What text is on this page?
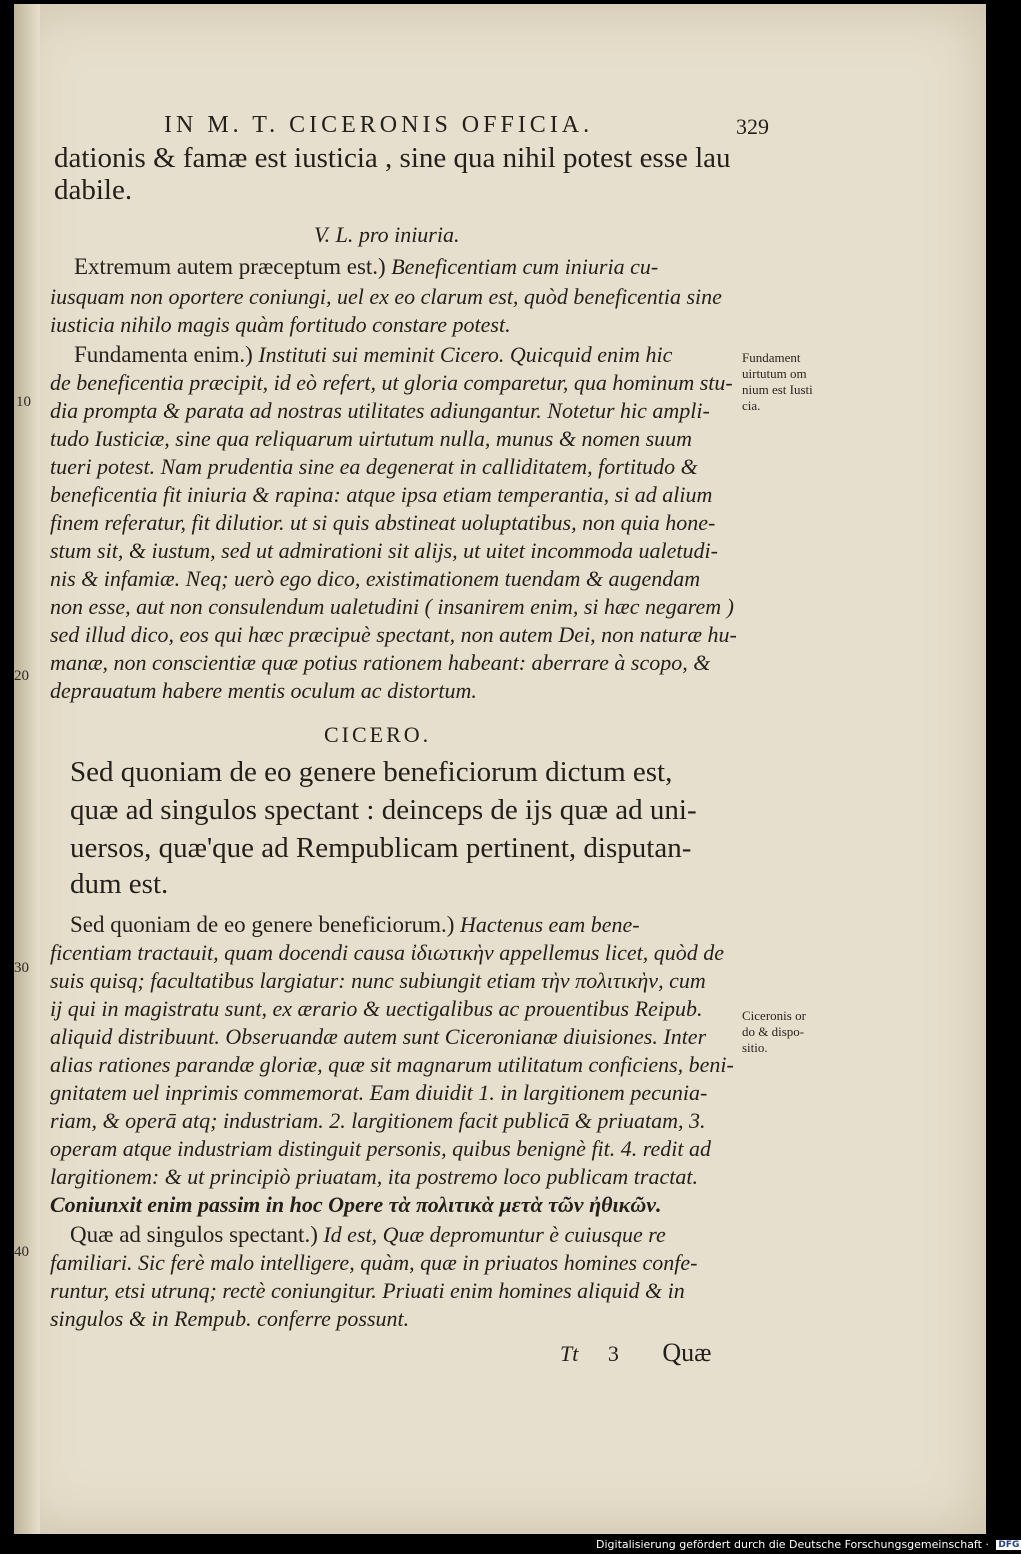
IN M. T. CICERONIS OFFICIA.	329
dationis & famæ est iusticia , sine qua nihil potest esse lau
dabile.
V. L. pro iniuria.
Extremum autem præceptum est.) Beneficentiam cum iniuria cu-
iusquam non oportere coniungi, uel ex eo clarum est, quòd beneficentia sine
iusticia nihilo magis quàm fortitudo constare potest.
Fundamenta enim.) Instituti sui meminit Cicero. Quicquid enim hic
de beneficentia præcipit, id eò refert, ut gloria comparetur, qua hominum stu-
dia prompta & parata ad nostras utilitates adiungantur. Notetur hic ampli-
tudo Iusticiæ, sine qua reliquarum uirtutum nulla, munus & nomen suum
tueri potest. Nam prudentia sine ea degenerat in calliditatem, fortitudo &
beneficentia fit iniuria & rapina: atque ipsa etiam temperantia, si ad alium
finem referatur, fit dilutior. ut si quis abstineat uoluptatibus, non quia hone-
stum sit, & iustum, sed ut admirationi sit alijs, ut uitet incommoda ualetudi-
nis & infamiæ. Neq; uerò ego dico, existimationem tuendam & augendam
non esse, aut non consulendum ualetudini ( insanirem enim, si hæc negarem )
sed illud dico, eos qui hæc præcipuè spectant, non autem Dei, non naturæ hu-
manæ, non conscientiæ quæ potius rationem habeant: aberrare à scopo, &
deprauatum habere mentis oculum ac distortum.
10
20
30
40
Fundament uirtutum om nium est Iusti cia.
Ciceronis or do & dispo- sitio.
CICERO.
Sed quoniam de eo genere beneficiorum dictum est,
quæ ad singulos spectant : deinceps de ijs quæ ad uni-
uersos, quæ'que ad Rempublicam pertinent, disputan-
dum est.
Sed quoniam de eo genere beneficiorum.) Hactenus eam bene-
ficentiam tractauit, quam docendi causa ἰδιωτικὴν appellemus licet, quòd de
suis quisq; facultatibus largiatur: nunc subiungit etiam τὴν πολιτικὴν, cum
ij qui in magistratu sunt, ex ærario & uectigalibus ac prouentibus Reipub.
aliquid distribuunt. Obseruandæ autem sunt Ciceronianæ diuisiones. Inter
alias rationes parandæ gloriæ, quæ sit magnarum utilitatum conficiens, beni-
gnitatem uel inprimis commemorat. Eam diuidit 1. in largitionem pecunia-
riam, & operā atq; industriam. 2. largitionem facit publicā & priuatam, 3.
operam atque industriam distinguit personis, quibus benignè fit. 4. redit ad
largitionem: & ut principiò priuatam, ita postremo loco publicam tractat.
Coniunxit enim passim in hoc Opere τὰ πολιτικὰ μετὰ τῶν ἠθικῶν.
Quæ ad singulos spectant.) Id est, Quæ depromuntur è cuiusque re
familiari. Sic ferè malo intelligere, quàm, quæ in priuatos homines confe-
runtur, etsi utrunq; rectè coniungitur. Priuati enim homines aliquid & in
singulos & in Rempub. conferre possunt.
Tt 3 Quæ
Digitalisierung gefördert durch die Deutsche Forschungsgemeinschaft · DFG
